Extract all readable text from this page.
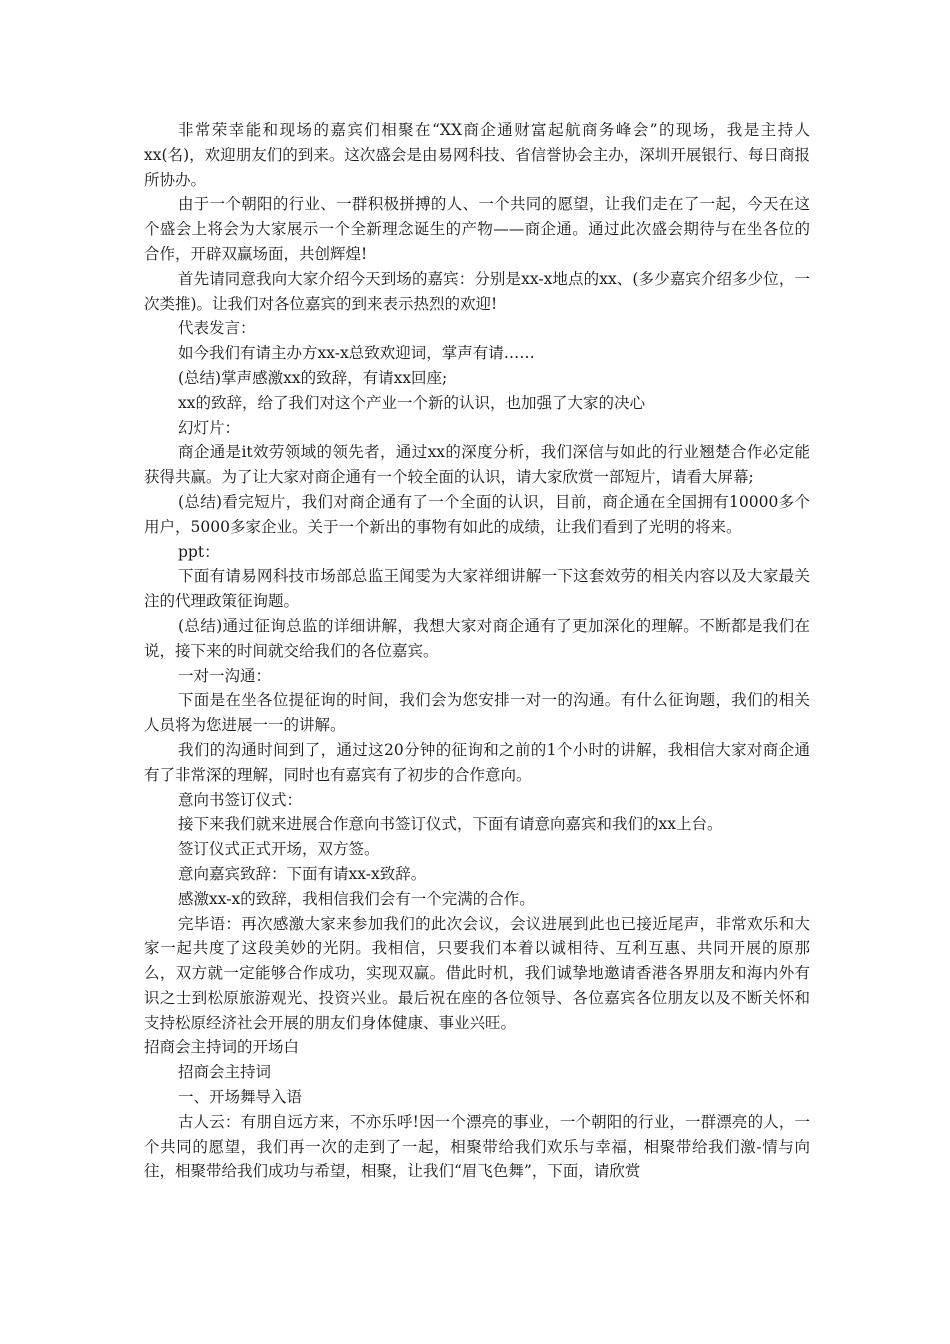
非常荣幸能和现场的嘉宾们相聚在“XX商企通财富起航商务峰会”的现场，我是主持人xx(名)，欢迎朋友们的到来。这次盛会是由易网科技、省信誉协会主办，深圳开展银行、每日商报所协办。

由于一个朝阳的行业、一群积极拼搏的人、一个共同的愿望，让我们走在了一起，今天在这个盛会上将会为大家展示一个全新理念诞生的产物——商企通。通过此次盛会期待与在坐各位的合作，开辟双赢场面，共创辉煌!

首先请同意我向大家介绍今天到场的嘉宾：分别是xx-x地点的xx、(多少嘉宾介绍多少位，一次类推)。让我们对各位嘉宾的到来表示热烈的欢迎!

代表发言：

如今我们有请主办方xx-x总致欢迎词，掌声有请……

(总结)掌声感激xx的致辞，有请xx回座;

xx的致辞，给了我们对这个产业一个新的认识，也加强了大家的决心

幻灯片：

商企通是it效劳领域的领先者，通过xx的深度分析，我们深信与如此的行业翘楚合作必定能获得共赢。为了让大家对商企通有一个较全面的认识，请大家欣赏一部短片，请看大屏幕;

(总结)看完短片，我们对商企通有了一个全面的认识，目前，商企通在全国拥有10000多个用户，5000多家企业。关于一个新出的事物有如此的成绩，让我们看到了光明的将来。

ppt：

下面有请易网科技市场部总监王闻雯为大家祥细讲解一下这套效劳的相关内容以及大家最关注的代理政策征询题。

(总结)通过征询总监的详细讲解，我想大家对商企通有了更加深化的理解。不断都是我们在说，接下来的时间就交给我们的各位嘉宾。

一对一沟通：

下面是在坐各位提征询的时间，我们会为您安排一对一的沟通。有什么征询题，我们的相关人员将为您进展一一的讲解。

我们的沟通时间到了，通过这20分钟的征询和之前的1个小时的讲解，我相信大家对商企通有了非常深的理解，同时也有嘉宾有了初步的合作意向。

意向书签订仪式：

接下来我们就来进展合作意向书签订仪式，下面有请意向嘉宾和我们的xx上台。

签订仪式正式开场，双方签。

意向嘉宾致辞：下面有请xx-x致辞。

感激xx-x的致辞，我相信我们会有一个完满的合作。

完毕语：再次感激大家来参加我们的此次会议，会议进展到此也已接近尾声，非常欢乐和大家一起共度了这段美妙的光阴。我相信，只要我们本着以诚相待、互利互惠、共同开展的原那么，双方就一定能够合作成功，实现双赢。借此时机，我们诚挚地邀请香港各界朋友和海内外有识之士到松原旅游观光、投资兴业。最后祝在座的各位领导、各位嘉宾各位朋友以及不断关怀和支持松原经济社会开展的朋友们身体健康、事业兴旺。

招商会主持词的开场白

招商会主持词

一、开场舞导入语

古人云：有朋自远方来，不亦乐呼!因一个漂亮的事业，一个朝阳的行业，一群漂亮的人，一个共同的愿望，我们再一次的走到了一起，相聚带给我们欢乐与幸福，相聚带给我们激-情与向往，相聚带给我们成功与希望，相聚，让我们“眉飞色舞”，下面，请欣赏
